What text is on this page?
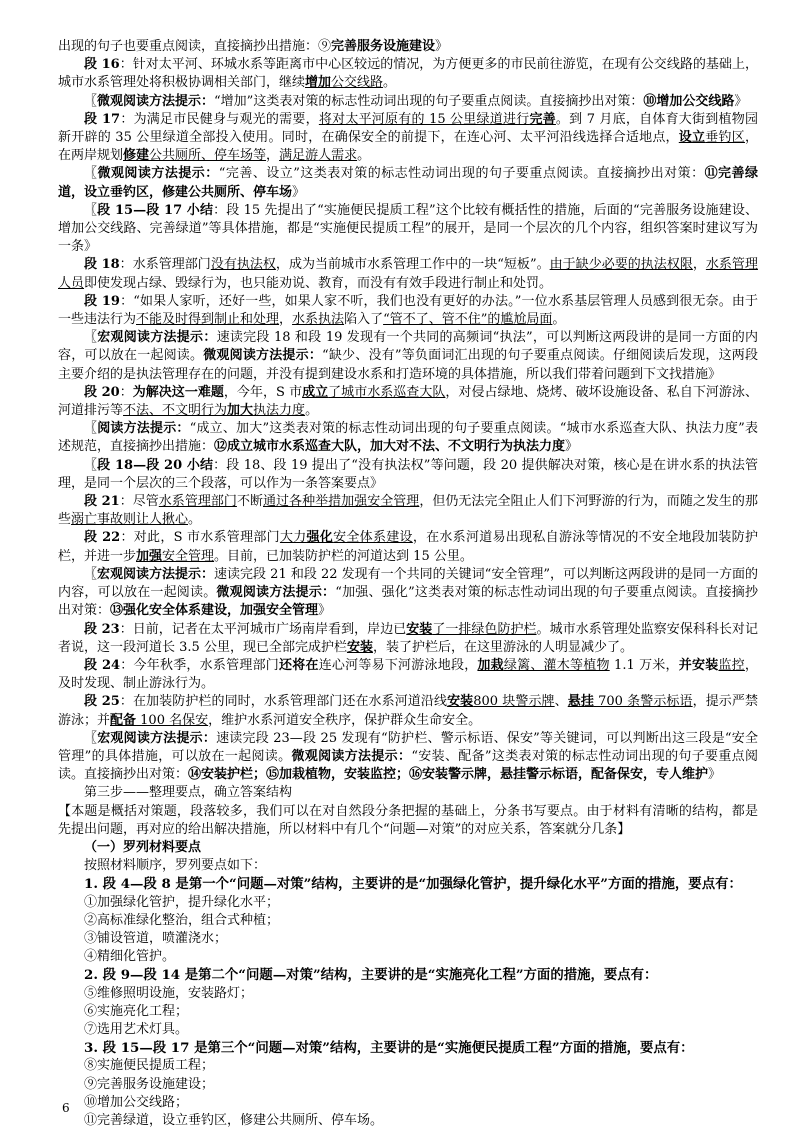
出现的句子也要重点阅读，直接摘抄出措施：⑨完善服务设施建设》

段 16：针对太平河、环城水系等距离市中心区较远的情况，为方便更多的市民前往游览，在现有公交线路的基础上，城市水系管理处将积极协调相关部门，继续增加公交线路。

〖微观阅读方法提示：“增加”这类表对策的标志性动词出现的句子要重点阅读。直接摘抄出对策：⑩增加公交线路》

段 17：为满足市民健身与观光的需要，将对太平河原有的 15 公里绿道进行完善。到 7 月底，自体育大街到植物园新开辟的 35 公里绿道全部投入使用。同时，在确保安全的前提下，在连心河、太平河沿线选择合适地点，设立垂钓区，在两岸规划修建公共厕所、停车场等，满足游人需求。

〖微观阅读方法提示：“完善、设立”这类表对策的标志性动词出现的句子要重点阅读。直接摘抄出对策：⑪完善绿道，设立垂钓区，修建公共厕所、停车场》

〖段 15—段 17 小结：段 15 先提出了“实施便民提质工程”这个比较有概括性的措施，后面的“完善服务设施建设、增加公交线路、完善绿道”等具体措施，都是“实施便民提质工程”的展开，是同一个层次的几个内容，组织答案时建议写为一条》

段 18：水系管理部门没有执法权，成为当前城市水系管理工作中的一块“短板”。由于缺少必要的执法权限，水系管理人员即使发现占绿、毁绿行为，也只能劝说、教育，而没有有效手段进行制止和处罚。

段 19：“如果人家听，还好一些，如果人家不听，我们也没有更好的办法。”一位水系基层管理人员感到很无奈。由于一些违法行为不能及时得到制止和处理，水系执法陷入了“管不了、管不住”的尴尬局面。

〖宏观阅读方法提示：速读完段 18 和段 19 发现有一个共同的高频词“执法”，可以判断这两段讲的是同一方面的内容，可以放在一起阅读。微观阅读方法提示：“缺少、没有”等负面词汇出现的句子要重点阅读。仔细阅读后发现，这两段主要介绍的是执法管理存在的问题，并没有提到建设水系和打造环境的具体措施，所以我们带着问题到下文找措施》

段 20：为解决这一难题，今年，S 市成立了城市水系巡查大队，对侵占绿地、烧烤、破坏设施设备、私自下河游泳、河道排污等不法、不文明行为加大执法力度。

〖阅读方法提示：“成立、加大”这类表对策的标志性动词出现的句子要重点阅读。“城市水系巡查大队、执法力度”表述规范，直接摘抄出措施：⑫成立城市水系巡查大队，加大对不法、不文明行为执法力度》

〖段 18—段 20 小结：段 18、段 19 提出了“没有执法权”等问题，段 20 提供解决对策，核心是在讲水系的执法管理，是同一个层次的三个段落，可以作为一条答案要点》

段 21：尽管水系管理部门不断通过各种举措加强安全管理，但仍无法完全阻止人们下河野游的行为，而随之发生的那些溺亡事故则让人揪心。

段 22：对此，S 市水系管理部门大力强化安全体系建设，在水系河道易出现私自游泳等情况的不安全地段加装防护栏，并进一步加强安全管理。目前，已加装防护栏的河道达到 15 公里。

〖宏观阅读方法提示：速读完段 21 和段 22 发现有一个共同的关键词“安全管理”，可以判断这两段讲的是同一方面的内容，可以放在一起阅读。微观阅读方法提示：“加强、强化”这类表对策的标志性动词出现的句子要重点阅读。直接摘抄出对策：⑬强化安全体系建设，加强安全管理》

段 23：日前，记者在太平河城市广场南岸看到，岸边已安装了一排绿色防护栏。城市水系管理处监察安保科科长对记者说，这一段河道长 3.5 公里，现已全部完成护栏安装，装了护栏后，在这里游泳的人明显减少了。

段 24：今年秋季，水系管理部门还将在连心河等易下河游泳地段，加栽绿篱、灌木等植物 1.1 万米，并安装监控，及时发现、制止游泳行为。

段 25：在加装防护栏的同时，水系管理部门还在水系河道沿线安装800 块警示牌、悬挂 700 条警示标语，提示严禁游泳；并配备 100 名保安，维护水系河道安全秩序，保护群众生命安全。

〖宏观阅读方法提示：速读完段 23—段 25 发现有“防护栏、警示标语、保安”等关键词，可以判断出这三段是“安全管理”的具体措施，可以放在一起阅读。微观阅读方法提示：“安装、配备”这类表对策的标志性动词出现的句子要重点阅读。直接摘抄出对策：⑭安装护栏；⑮加栽植物，安装监控；⑯安装警示牌，悬挂警示标语，配备保安，专人维护》

第三步——整理要点，确立答案结构

【本题是概括对策题，段落较多，我们可以在对自然段分条把握的基础上，分条书写要点。由于材料有清晰的结构，都是先提出问题，再对应的给出解决措施，所以材料中有几个“问题—对策”的对应关系，答案就分几条】

（一）罗列材料要点

按照材料顺序，罗列要点如下：

1. 段 4—段 8 是第一个“问题—对策”结构，主要讲的是“加强绿化管护，提升绿化水平”方面的措施，要点有：

①加强绿化管护，提升绿化水平；

②高标准绿化整治，组合式种植；

③铺设管道，喷灌浇水；

④精细化管护。

2. 段 9—段 14 是第二个“问题—对策”结构，主要讲的是“实施亮化工程”方面的措施，要点有：

⑤维修照明设施，安装路灯；

⑥实施亮化工程；

⑦选用艺术灯具。

3. 段 15—段 17 是第三个“问题—对策”结构，主要讲的是“实施便民提质工程”方面的措施，要点有：

⑧实施便民提质工程；

⑨完善服务设施建设；

⑩增加公交线路；

⑪完善绿道，设立垂钓区，修建公共厕所、停车场。

6
